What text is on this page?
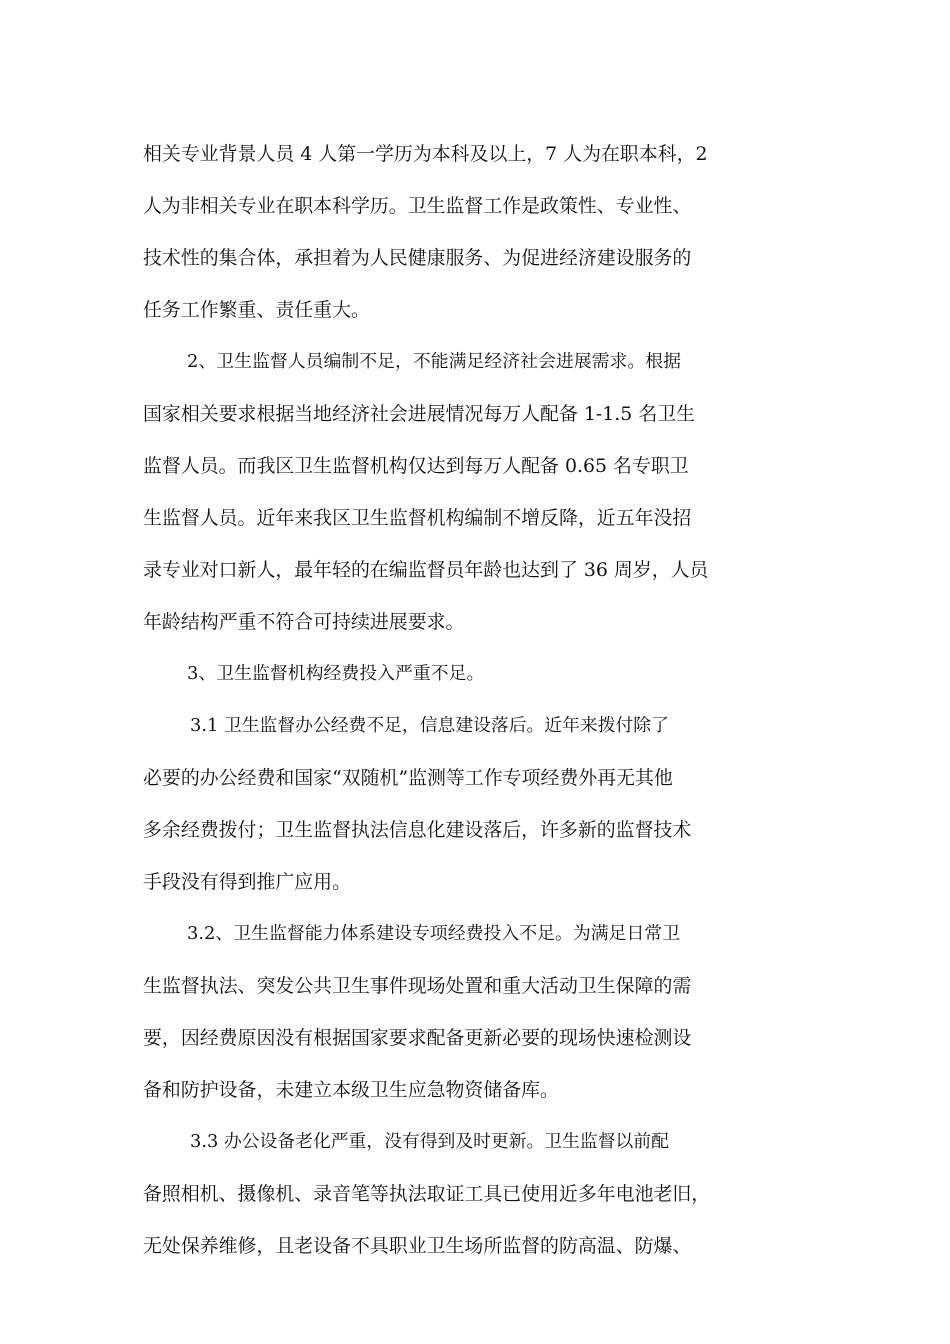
相关专业背景人员 4 人第一学历为本科及以上，7 人为在职本科，2
人为非相关专业在职本科学历。卫生监督工作是政策性、专业性、
技术性的集合体，承担着为人民健康服务、为促进经济建设服务的
任务工作繁重、责任重大。
2、卫生监督人员编制不足，不能满足经济社会进展需求。根据
国家相关要求根据当地经济社会进展情况每万人配备 1-1.5 名卫生
监督人员。而我区卫生监督机构仅达到每万人配备 0.65 名专职卫
生监督人员。近年来我区卫生监督机构编制不增反降，近五年没招
录专业对口新人，最年轻的在编监督员年龄也达到了 36 周岁，人员
年龄结构严重不符合可持续进展要求。
3、卫生监督机构经费投入严重不足。
3.1 卫生监督办公经费不足，信息建设落后。近年来拨付除了
必要的办公经费和国家“双随机”监测等工作专项经费外再无其他
多余经费拨付；卫生监督执法信息化建设落后，许多新的监督技术
手段没有得到推广应用。
3.2、卫生监督能力体系建设专项经费投入不足。为满足日常卫
生监督执法、突发公共卫生事件现场处置和重大活动卫生保障的需
要，因经费原因没有根据国家要求配备更新必要的现场快速检测设
备和防护设备，未建立本级卫生应急物资储备库。
3.3 办公设备老化严重，没有得到及时更新。卫生监督以前配
备照相机、摄像机、录音笔等执法取证工具已使用近多年电池老旧，
无处保养维修，且老设备不具职业卫生场所监督的防高温、防爆、
